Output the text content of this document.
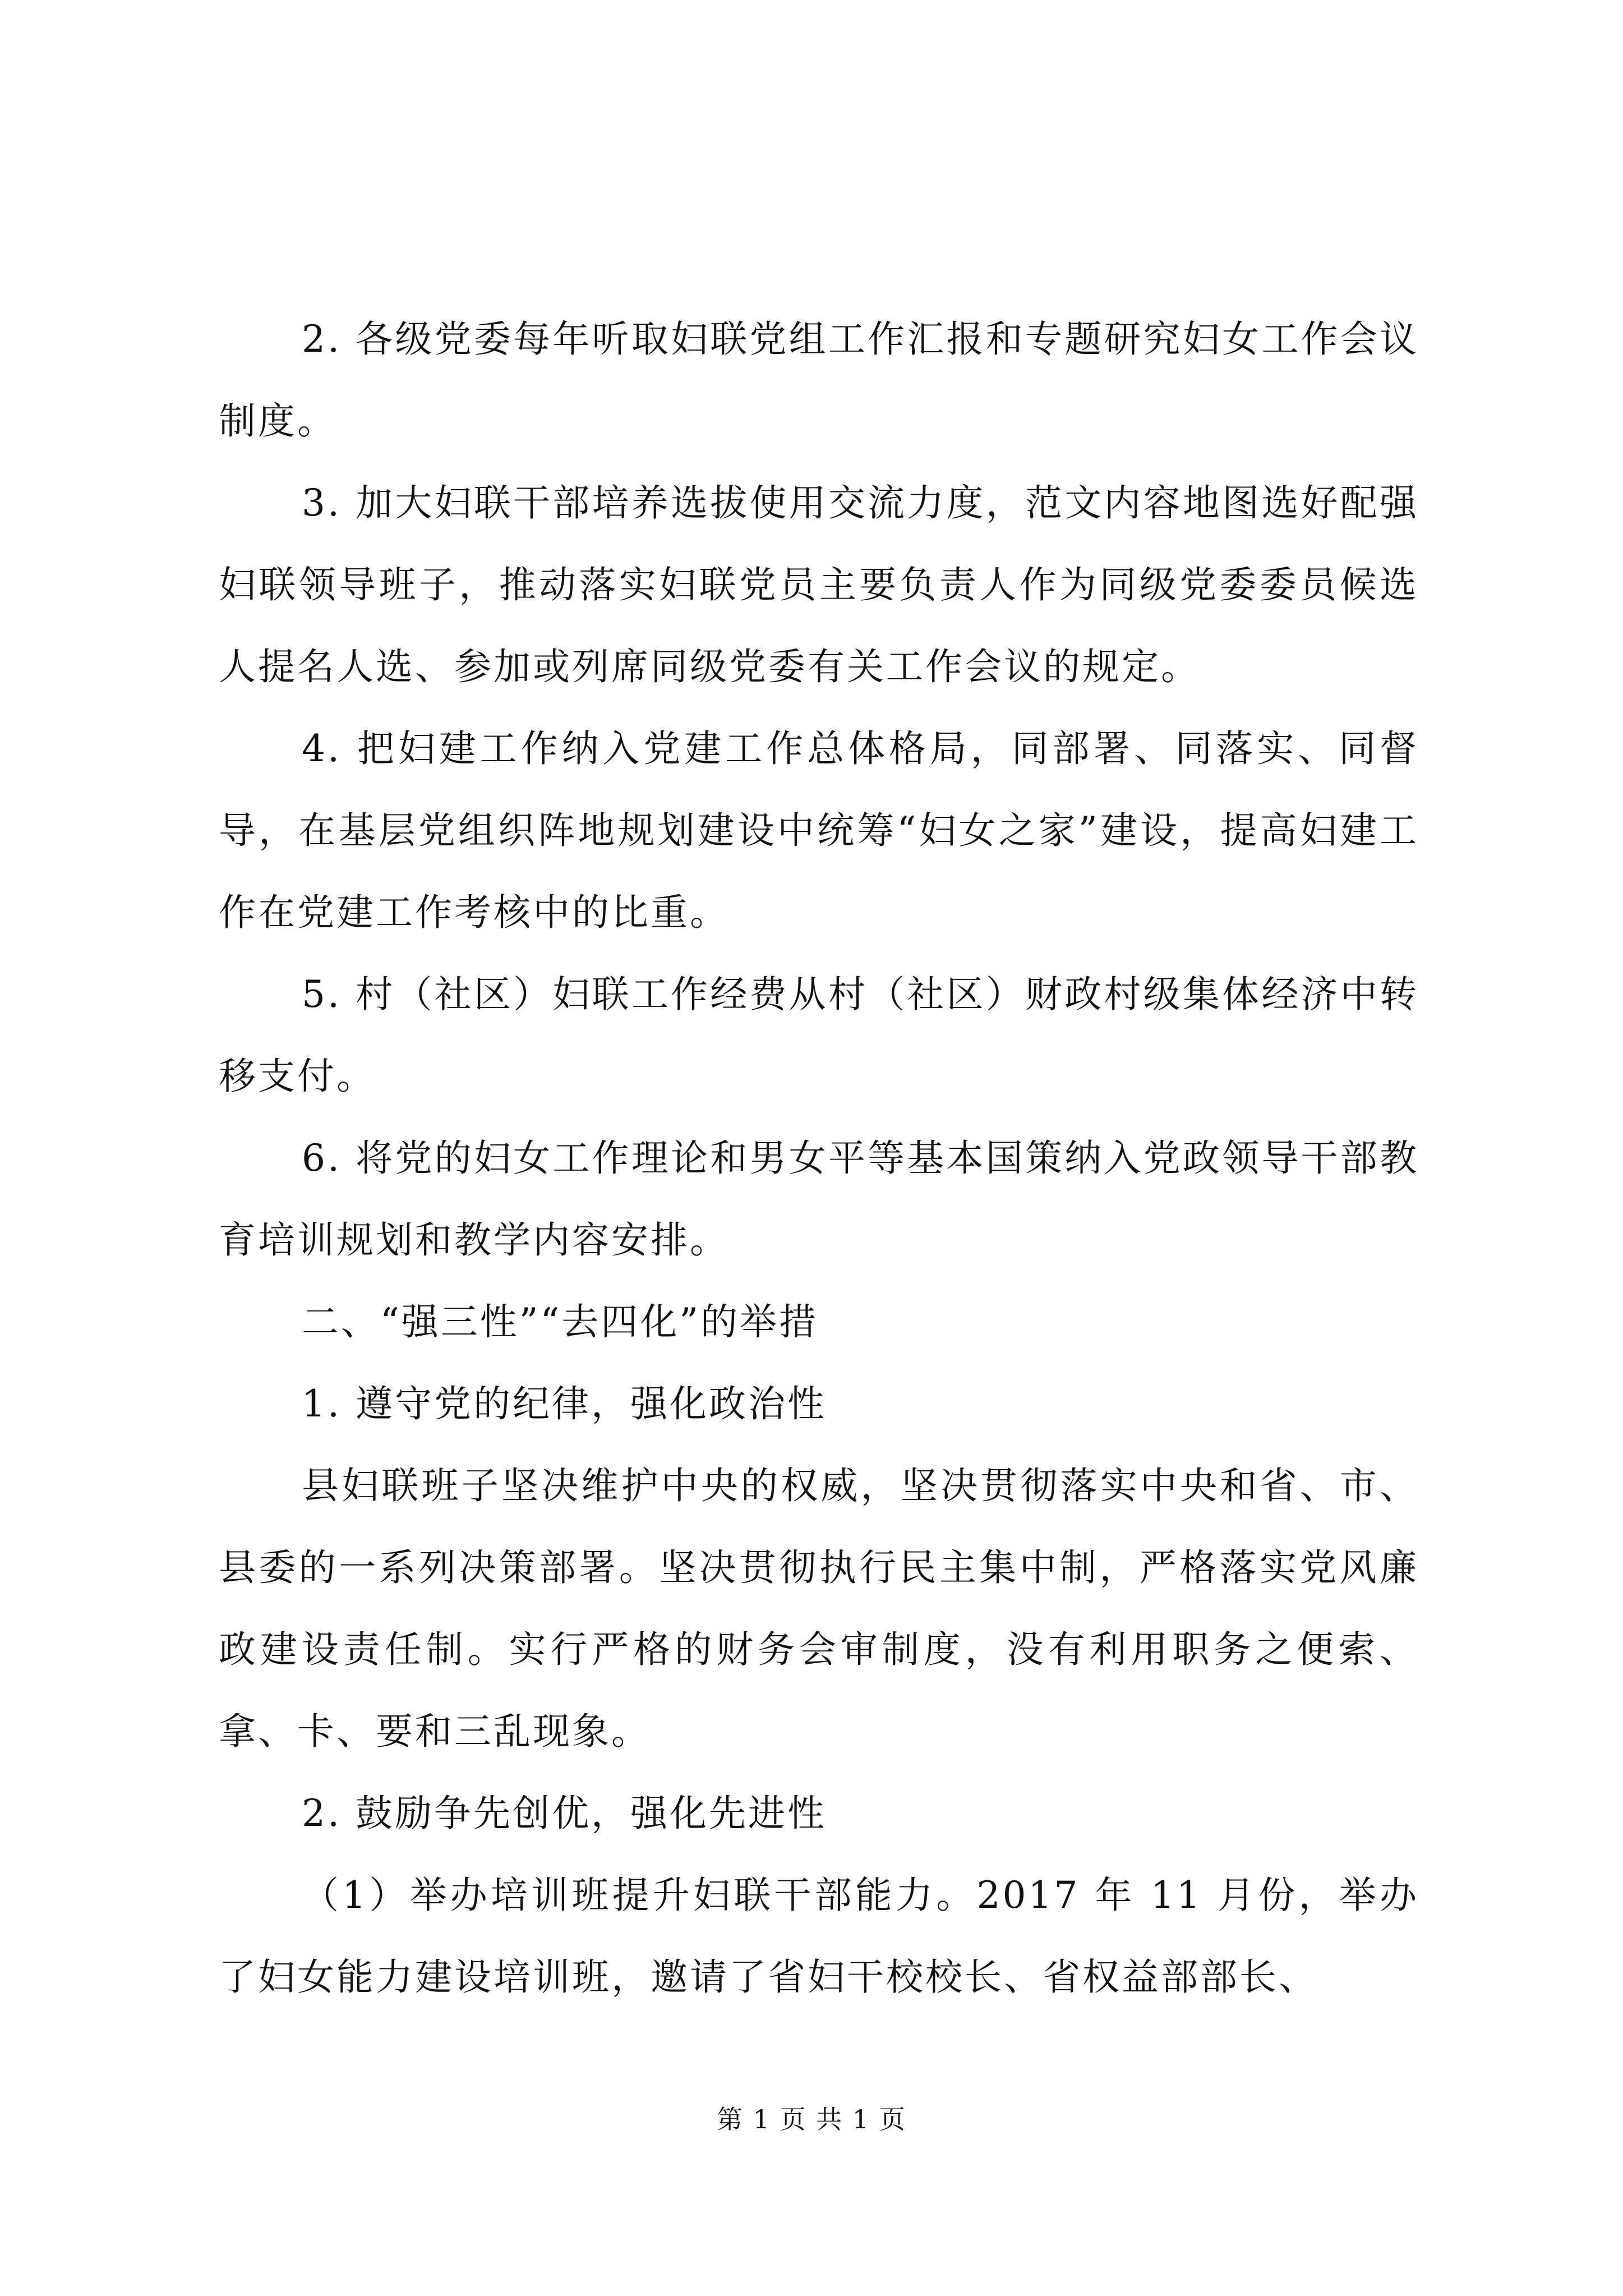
2. 各级党委每年听取妇联党组工作汇报和专题研究妇女工作会议制度。

3. 加大妇联干部培养选拔使用交流力度，范文内容地图选好配强妇联领导班子，推动落实妇联党员主要负责人作为同级党委委员候选人提名人选、参加或列席同级党委有关工作会议的规定。

4. 把妇建工作纳入党建工作总体格局，同部署、同落实、同督导，在基层党组织阵地规划建设中统筹“妇女之家”建设，提高妇建工作在党建工作考核中的比重。

5. 村（社区）妇联工作经费从村（社区）财政村级集体经济中转移支付。

6. 将党的妇女工作理论和男女平等基本国策纳入党政领导干部教育培训规划和教学内容安排。

二、“强三性”“去四化”的举措

1. 遵守党的纪律，强化政治性

县妇联班子坚决维护中央的权威，坚决贯彻落实中央和省、市、县委的一系列决策部署。坚决贯彻执行民主集中制，严格落实党风廉政建设责任制。实行严格的财务会审制度，没有利用职务之便索、拿、卡、要和三乱现象。

2. 鼓励争先创优，强化先进性

（1）举办培训班提升妇联干部能力。2017 年 11 月份，举办了妇女能力建设培训班，邀请了省妇干校校长、省权益部部长、

第 1 页 共 1 页
